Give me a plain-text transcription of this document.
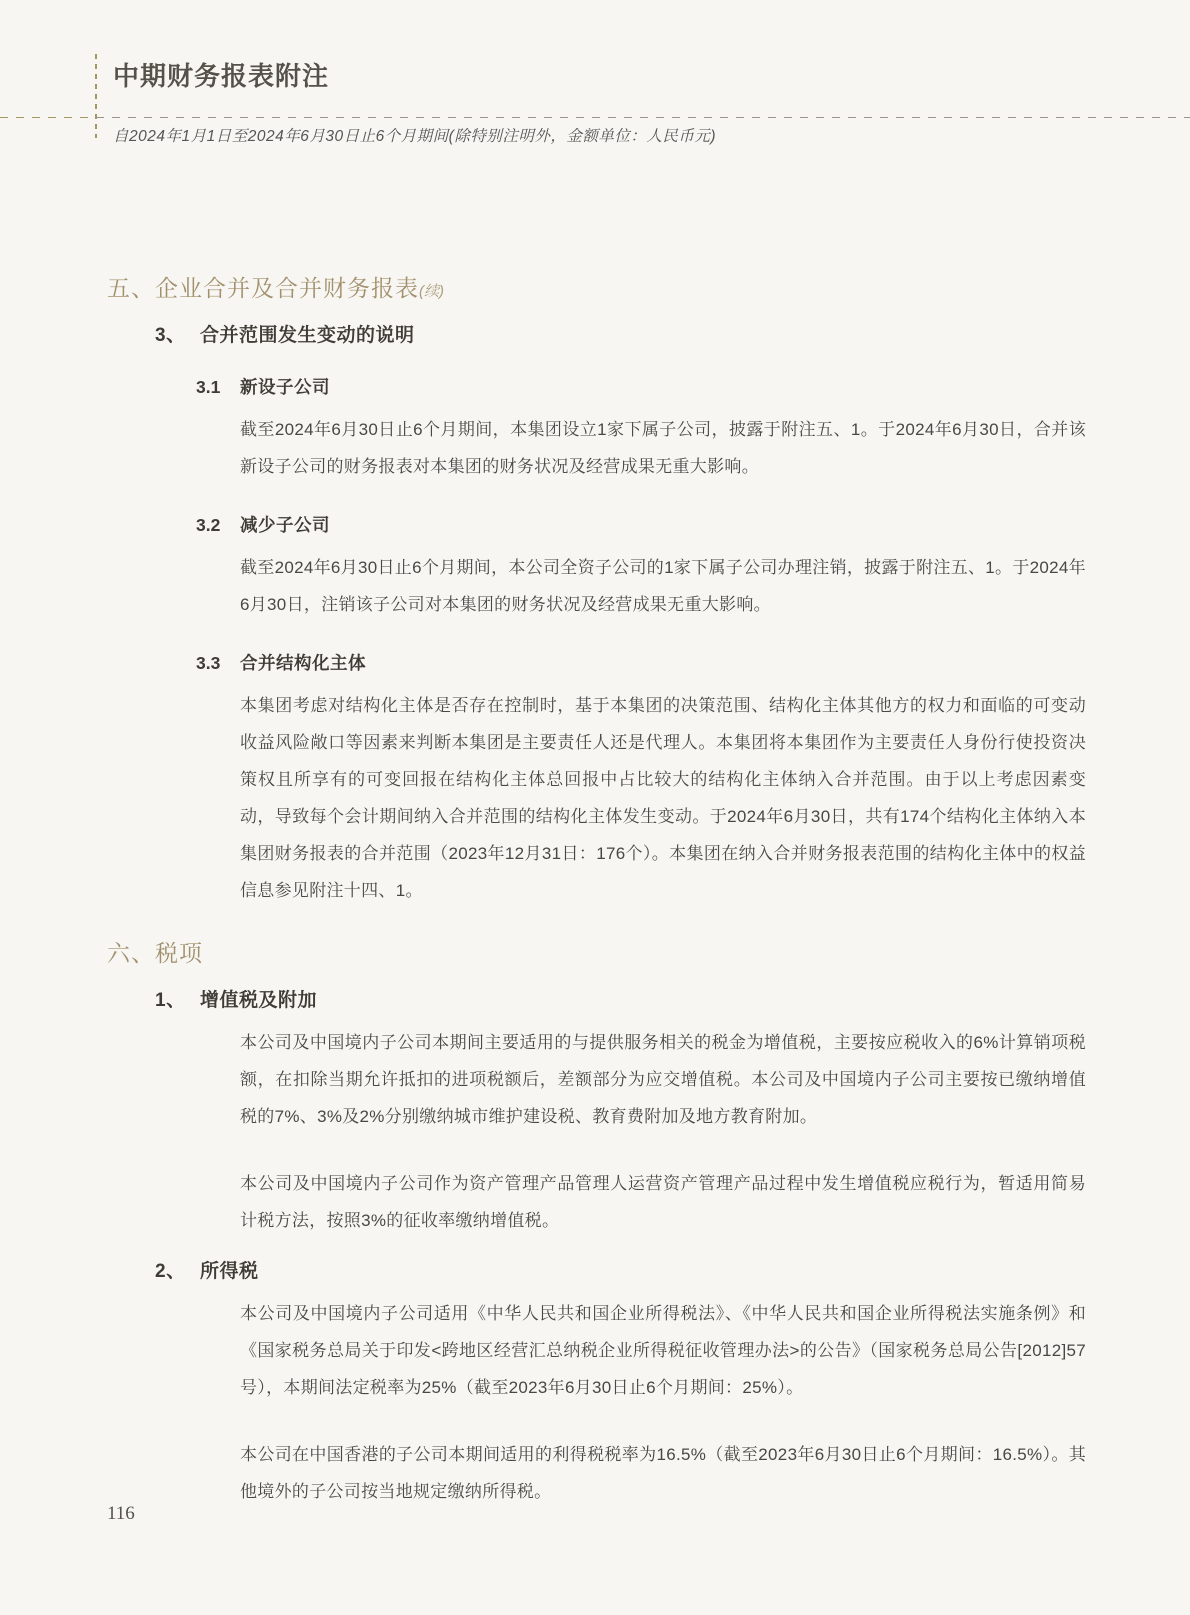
中期财务报表附注

自2024年1月1日至2024年6月30日止6个月期间(除特别注明外，金额单位：人民币元)

五、企业合并及合并财务报表(续)
3、 合并范围发生变动的说明
3.1 新设子公司

截至2024年6月30日止6个月期间，本集团设立1家下属子公司，披露于附注五、1。于2024年6月30日，合并该新设子公司的财务报表对本集团的财务状况及经营成果无重大影响。

3.2 减少子公司

截至2024年6月30日止6个月期间，本公司全资子公司的1家下属子公司办理注销，披露于附注五、1。于2024年6月30日，注销该子公司对本集团的财务状况及经营成果无重大影响。

3.3 合并结构化主体

本集团考虑对结构化主体是否存在控制时，基于本集团的决策范围、结构化主体其他方的权力和面临的可变动收益风险敞口等因素来判断本集团是主要责任人还是代理人。本集团将本集团作为主要责任人身份行使投资决策权且所享有的可变回报在结构化主体总回报中占比较大的结构化主体纳入合并范围。由于以上考虑因素变动，导致每个会计期间纳入合并范围的结构化主体发生变动。于2024年6月30日，共有174个结构化主体纳入本集团财务报表的合并范围（2023年12月31日：176个）。本集团在纳入合并财务报表范围的结构化主体中的权益信息参见附注十四、1。

六、税项
1、 增值税及附加

本公司及中国境内子公司本期间主要适用的与提供服务相关的税金为增值税，主要按应税收入的6%计算销项税额，在扣除当期允许抵扣的进项税额后，差额部分为应交增值税。本公司及中国境内子公司主要按已缴纳增值税的7%、3%及2%分别缴纳城市维护建设税、教育费附加及地方教育附加。

本公司及中国境内子公司作为资产管理产品管理人运营资产管理产品过程中发生增值税应税行为，暂适用简易计税方法，按照3%的征收率缴纳增值税。

2、 所得税

本公司及中国境内子公司适用《中华人民共和国企业所得税法》、《中华人民共和国企业所得税法实施条例》和《国家税务总局关于印发<跨地区经营汇总纳税企业所得税征收管理办法>的公告》（国家税务总局公告[2012]57号），本期间法定税率为25%（截至2023年6月30日止6个月期间：25%）。

本公司在中国香港的子公司本期间适用的利得税税率为16.5%（截至2023年6月30日止6个月期间：16.5%）。其他境外的子公司按当地规定缴纳所得税。

116
